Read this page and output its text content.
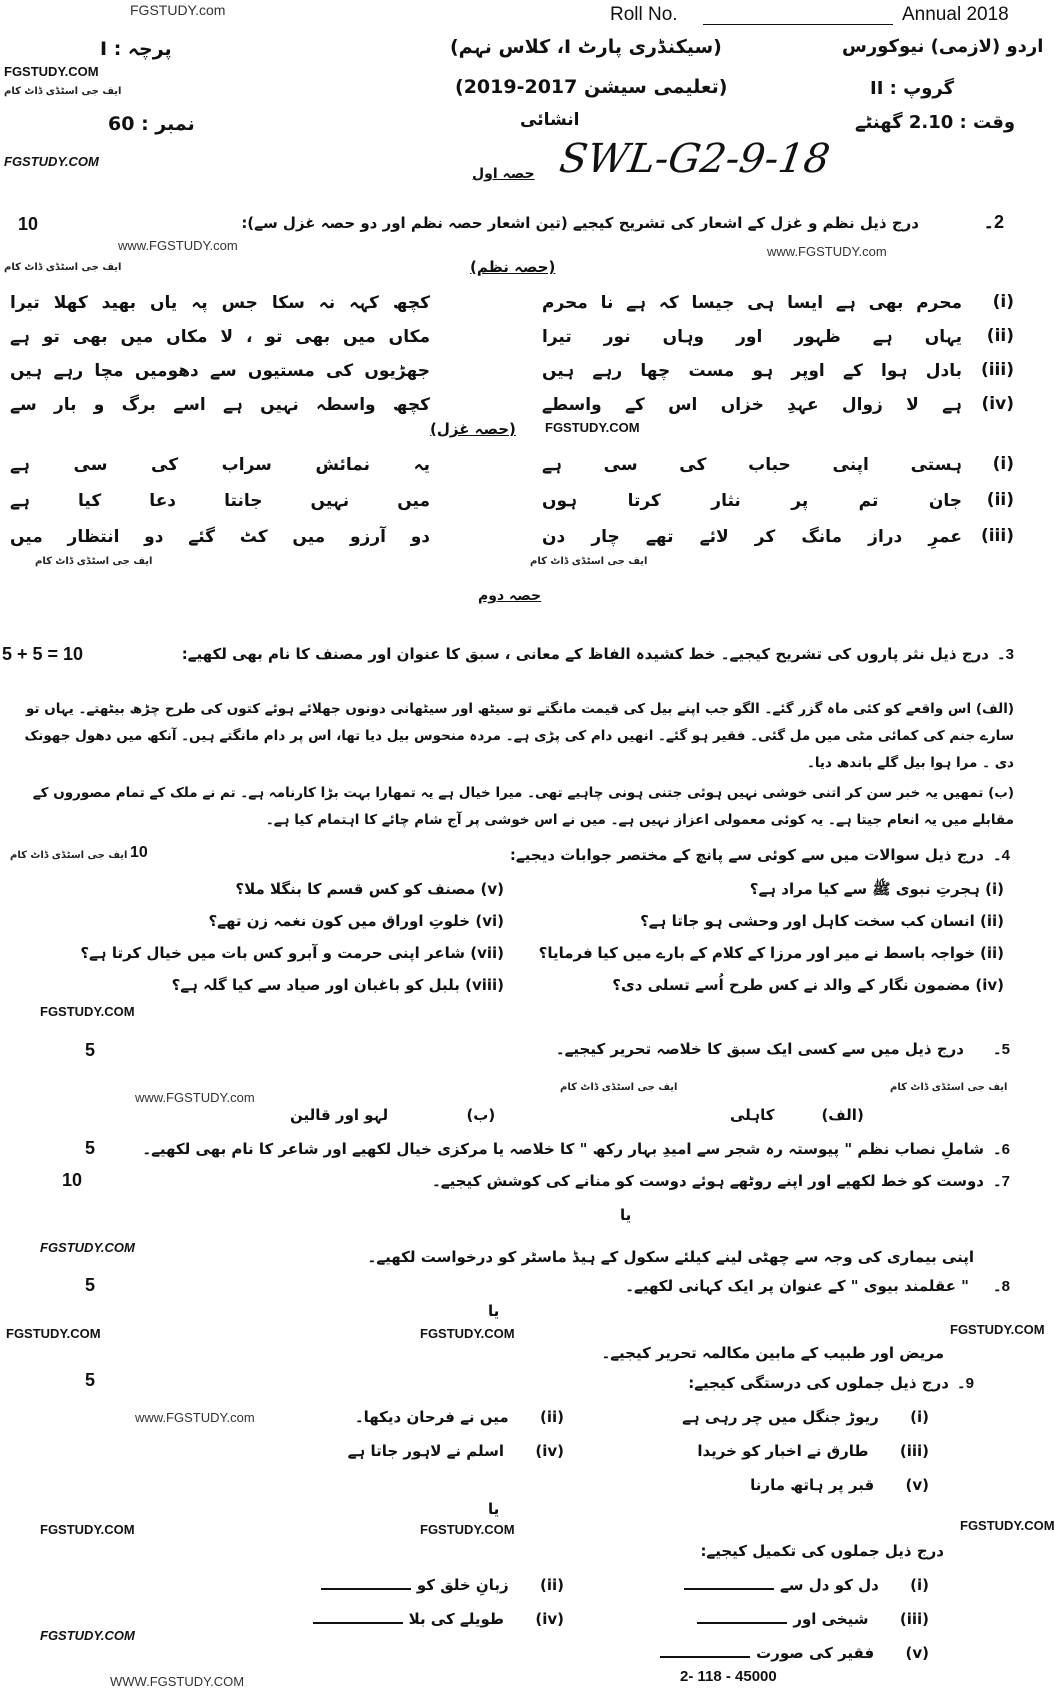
FGSTUDY.com	Roll No.	Annual 2018
پرچہ : I
FGSTUDY.COM
ایف جی اسٹڈی ڈاٹ کام
نمبر : 60
FGSTUDY.COM
(سیکنڈری پارٹ I، کلاس نہم)
(تعلیمی سیشن 2017-2019)
انشائی
SWL-G2-9-18
حصہ اول
اردو (لازمی) نیوکورس
گروپ : II
وقت : 2.10 گھنٹے
10	درج ذیل نظم و غزل کے اشعار کی تشریح کیجیے (تین اشعار حصہ نظم اور دو حصہ غزل سے):	2۔
www.FGSTUDY.com	www.FGSTUDY.com
ایف جی اسٹڈی ڈاٹ کام	(حصہ نظم)
(i)
محرم بھی ہے ایسا ہی جیسا کہ ہے نا محرم
کچھ کہہ نہ سکا جس پہ یاں بھید کھلا تیرا
(ii)
یہاں ہے ظہور اور وہاں نور تیرا
مکاں میں بھی تو ، لا مکاں میں بھی تو ہے
(iii)
بادل ہوا کے اوپر ہو مست چھا رہے ہیں
جھڑیوں کی مستیوں سے دھومیں مچا رہے ہیں
(iv)
ہے لا زوال عہدِ خزاں اس کے واسطے
کچھ واسطہ نہیں ہے اسے برگ و بار سے
FGSTUDY.COM
(حصہ غزل)
(i)
ہستی اپنی حباب کی سی ہے
یہ نمائش سراب کی سی ہے
(ii)
جان تم پر نثار کرتا ہوں
میں نہیں جانتا دعا کیا ہے
(iii)
عمرِ دراز مانگ کر لائے تھے چار دن
دو آرزو میں کٹ گئے دو انتظار میں
ایف جی اسٹڈی ڈاٹ کام	ایف جی اسٹڈی ڈاٹ کام
حصہ دوم
5 + 5 = 10	درج ذیل نثر پاروں کی تشریح کیجیے۔ خط کشیدہ الفاظ کے معانی ، سبق کا عنوان اور مصنف کا نام بھی لکھیے: 3۔
(الف) اس واقعے کو کئی ماہ گزر گئے۔ الگو جب اپنے بیل کی قیمت مانگتے تو سیٹھ اور سیٹھانی دونوں جھلائے ہوئے کتوں کی طرح چڑھ بیٹھتے۔ یہاں تو سارے جنم کی کمائی مٹی میں مل گئی۔ فقیر ہو گئے۔ انھیں دام کی پڑی ہے۔ مردہ منحوس بیل دیا تھا، اس پر دام مانگتے ہیں۔ آنکھ میں دھول جھونک دی ۔ مرا ہوا بیل گلے باندھ دیا۔
(ب) تمھیں یہ خبر سن کر اتنی خوشی نہیں ہوئی جتنی ہونی چاہیے تھی۔ میرا خیال ہے یہ تمھارا بہت بڑا کارنامہ ہے۔ تم نے ملک کے تمام مصوروں کے مقابلے میں یہ انعام جیتا ہے۔ یہ کوئی معمولی اعزاز نہیں ہے۔ میں نے اس خوشی پر آج شام چائے کا اہتمام کیا ہے۔
ایف جی اسٹڈی ڈاٹ کام 10	درج ذیل سوالات میں سے کوئی سے پانچ کے مختصر جوابات دیجیے: 4۔
(i) ہجرتِ نبوی ﷺ سے کیا مراد ہے؟
(ii) انسان کب سخت کاہل اور وحشی ہو جاتا ہے؟
(ii) خواجہ باسط نے میر اور مرزا کے کلام کے بارے میں کیا فرمایا؟
(iv) مضمون نگار کے والد نے کس طرح اُسے تسلی دی؟
(v) مصنف کو کس قسم کا بنگلا ملا؟
(vi) خلوتِ اوراق میں کون نغمہ زن تھے؟
(vii) شاعر اپنی حرمت و آبرو کس بات میں خیال کرتا ہے؟
(viii) بلبل کو باغبان اور صیاد سے کیا گلہ ہے؟
FGSTUDY.COM
5	درج ذیل میں سے کسی ایک سبق کا خلاصہ تحریر کیجیے۔ 5۔
ایف جی اسٹڈی ڈاٹ کام
ایف جی اسٹڈی ڈاٹ کام
www.FGSTUDY.com
(الف)         کاہلی
(ب)               لہو اور قالین
5	شاملِ نصاب نظم " پیوستہ رہ شجر سے امیدِ بہار رکھ " کا خلاصہ یا مرکزی خیال لکھیے اور شاعر کا نام بھی لکھیے۔ 6۔
10	دوست کو خط لکھیے اور اپنے روٹھے ہوئے دوست کو منانے کی کوشش کیجیے۔ 7۔
یا
FGSTUDY.COM
اپنی بیماری کی وجہ سے چھٹی لینے کیلئے سکول کے ہیڈ ماسٹر کو درخواست لکھیے۔
5	" عقلمند بیوی " کے عنوان پر ایک کہانی لکھیے۔ 8۔
یا
FGSTUDY.COM	FGSTUDY.COM	FGSTUDY.COM
مریض اور طبیب کے مابین مکالمہ تحریر کیجیے۔
5	درج ذیل جملوں کی درستگی کیجیے: 9۔
www.FGSTUDY.com	(i)      ریوڑ جنگل میں چر رہی ہے
(ii)      میں نے فرحان دیکھا۔
(iii)      طارق نے اخبار کو خریدا
(iv)      اسلم نے لاہور جاتا ہے
(v)      قبر پر ہاتھ مارنا
یا
FGSTUDY.COM	FGSTUDY.COM	FGSTUDY.COM
درج ذیل جملوں کی تکمیل کیجیے:
(i)      دل کو دل سے
(ii)      زبانِ خلق کو
(iii)      شیخی اور
(iv)      طویلے کی بلا
(v)      فقیر کی صورت
FGSTUDY.COM
WWW.FGSTUDY.COM	2- 118 - 45000
